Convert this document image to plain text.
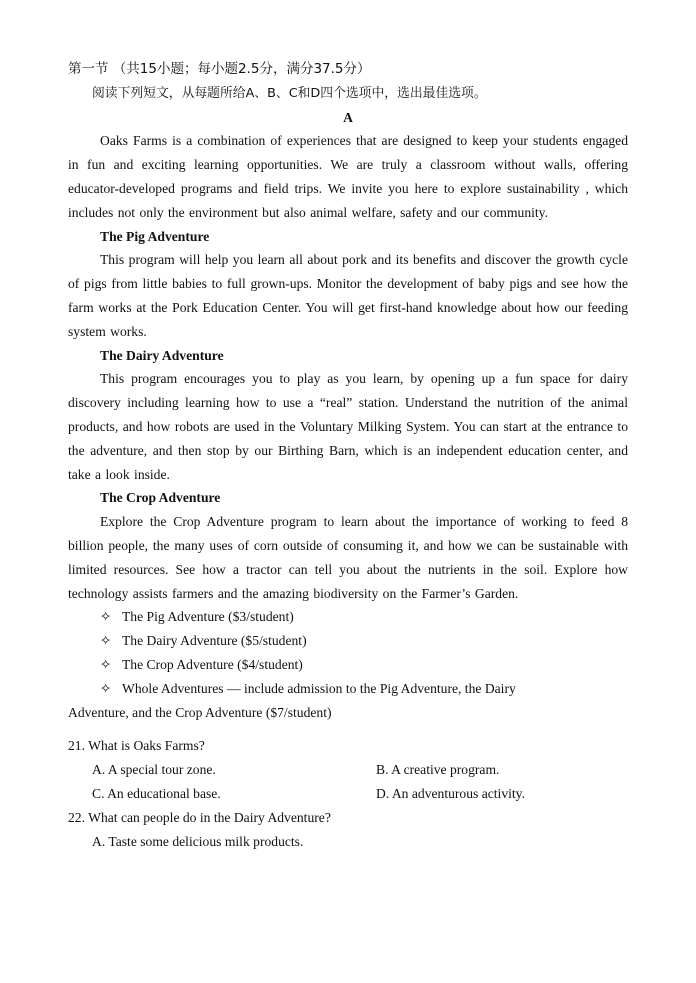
第一节 （共15小题；每小题2.5分，满分37.5分）
阅读下列短文，从每题所给A、B、C和D四个选项中，选出最佳选项。
A

Oaks Farms is a combination of experiences that are designed to keep your students engaged in fun and exciting learning opportunities. We are truly a classroom without walls, offering educator-developed programs and field trips. We invite you here to explore sustainability , which includes not only the environment but also animal welfare, safety and our community.

The Pig Adventure

This program will help you learn all about pork and its benefits and discover the growth cycle of pigs from little babies to full grown-ups. Monitor the development of baby pigs and see how the farm works at the Pork Education Center. You will get first-hand knowledge about how our feeding system works.

The Dairy Adventure

This program encourages you to play as you learn, by opening up a fun space for dairy discovery including learning how to use a “real” station. Understand the nutrition of the animal products, and how robots are used in the Voluntary Milking System. You can start at the entrance to the adventure, and then stop by our Birthing Barn, which is an independent education center, and take a look inside.

The Crop Adventure

Explore the Crop Adventure program to learn about the importance of working to feed 8 billion people, the many uses of corn outside of consuming it, and how we can be sustainable with limited resources. See how a tractor can tell you about the nutrients in the soil. Explore how technology assists farmers and the amazing biodiversity on the Farmer’s Garden.

✧ The Pig Adventure ($3/student)
✧ The Dairy Adventure ($5/student)
✧ The Crop Adventure ($4/student)
✧ Whole Adventures — include admission to the Pig Adventure, the Dairy
Adventure, and the Crop Adventure ($7/student)
21. What is Oaks Farms?
A. A special tour zone.	B. A creative program.
C. An educational base.	D. An adventurous activity.
22. What can people do in the Dairy Adventure?
A. Taste some delicious milk products.
